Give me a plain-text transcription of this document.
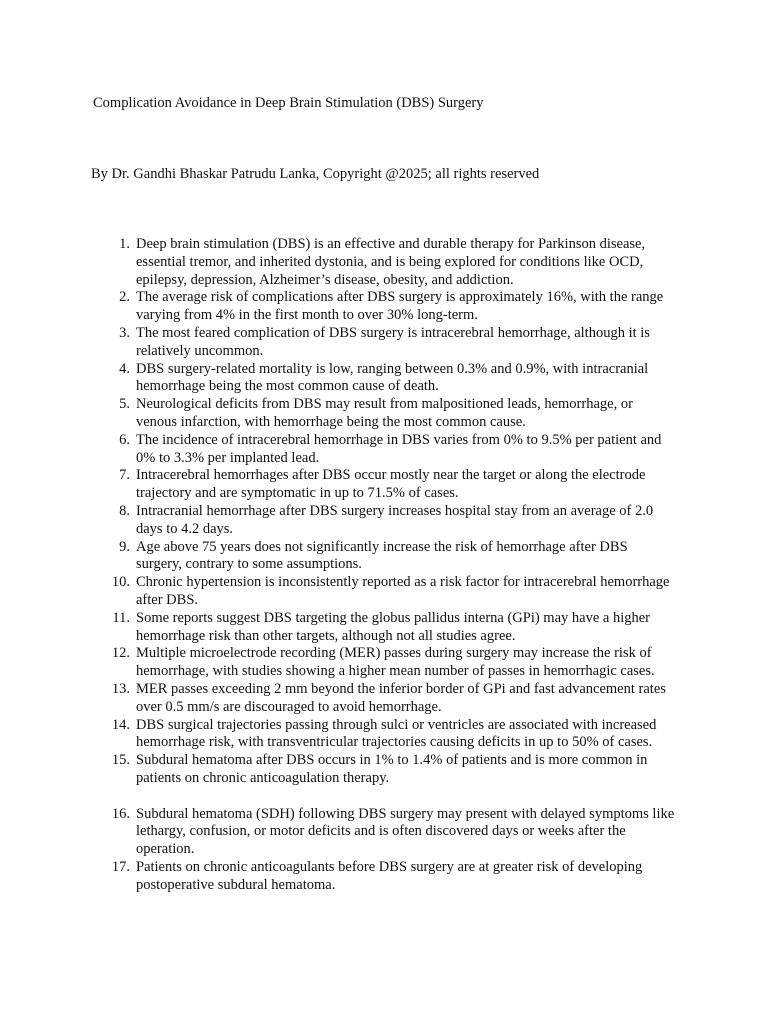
Complication Avoidance in Deep Brain Stimulation (DBS) Surgery
By Dr. Gandhi Bhaskar Patrudu Lanka, Copyright @2025; all rights reserved
1. Deep brain stimulation (DBS) is an effective and durable therapy for Parkinson disease, essential tremor, and inherited dystonia, and is being explored for conditions like OCD, epilepsy, depression, Alzheimer’s disease, obesity, and addiction.
2. The average risk of complications after DBS surgery is approximately 16%, with the range varying from 4% in the first month to over 30% long-term.
3. The most feared complication of DBS surgery is intracerebral hemorrhage, although it is relatively uncommon.
4. DBS surgery-related mortality is low, ranging between 0.3% and 0.9%, with intracranial hemorrhage being the most common cause of death.
5. Neurological deficits from DBS may result from malpositioned leads, hemorrhage, or venous infarction, with hemorrhage being the most common cause.
6. The incidence of intracerebral hemorrhage in DBS varies from 0% to 9.5% per patient and 0% to 3.3% per implanted lead.
7. Intracerebral hemorrhages after DBS occur mostly near the target or along the electrode trajectory and are symptomatic in up to 71.5% of cases.
8. Intracranial hemorrhage after DBS surgery increases hospital stay from an average of 2.0 days to 4.2 days.
9. Age above 75 years does not significantly increase the risk of hemorrhage after DBS surgery, contrary to some assumptions.
10. Chronic hypertension is inconsistently reported as a risk factor for intracerebral hemorrhage after DBS.
11. Some reports suggest DBS targeting the globus pallidus interna (GPi) may have a higher hemorrhage risk than other targets, although not all studies agree.
12. Multiple microelectrode recording (MER) passes during surgery may increase the risk of hemorrhage, with studies showing a higher mean number of passes in hemorrhagic cases.
13. MER passes exceeding 2 mm beyond the inferior border of GPi and fast advancement rates over 0.5 mm/s are discouraged to avoid hemorrhage.
14. DBS surgical trajectories passing through sulci or ventricles are associated with increased hemorrhage risk, with transventricular trajectories causing deficits in up to 50% of cases.
15. Subdural hematoma after DBS occurs in 1% to 1.4% of patients and is more common in patients on chronic anticoagulation therapy.
16. Subdural hematoma (SDH) following DBS surgery may present with delayed symptoms like lethargy, confusion, or motor deficits and is often discovered days or weeks after the operation.
17. Patients on chronic anticoagulants before DBS surgery are at greater risk of developing postoperative subdural hematoma.
